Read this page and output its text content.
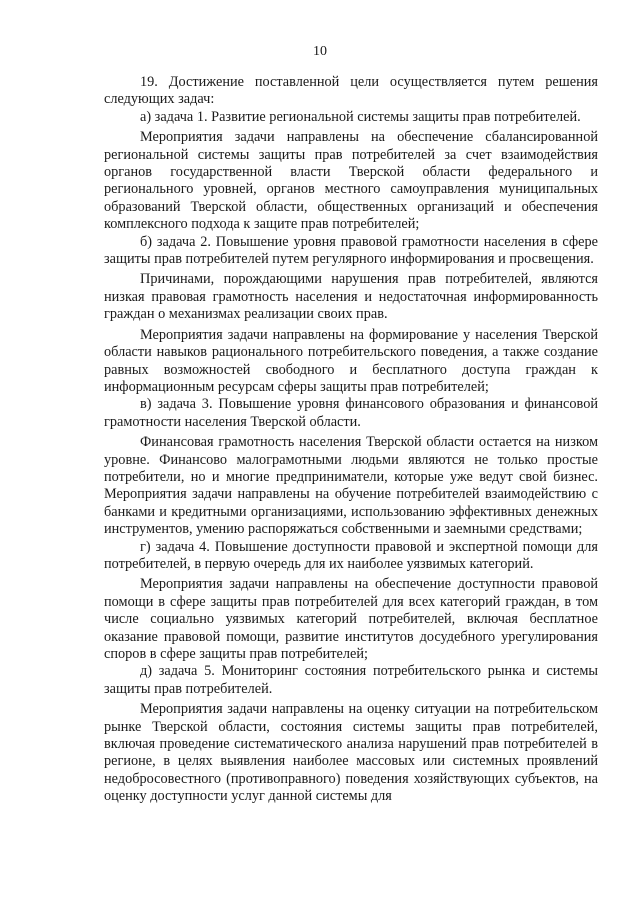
10

19. Достижение поставленной цели осуществляется путем решения следующих задач:

а) задача 1. Развитие региональной системы защиты прав потребителей.

Мероприятия задачи направлены на обеспечение сбалансированной региональной системы защиты прав потребителей за счет взаимодействия органов государственной власти Тверской области федерального и регионального уровней, органов местного самоуправления муниципальных образований Тверской области, общественных организаций и обеспечения комплексного подхода к защите прав потребителей;

б) задача 2. Повышение уровня правовой грамотности населения в сфере защиты прав потребителей путем регулярного информирования и просвещения.

Причинами, порождающими нарушения прав потребителей, являются низкая правовая грамотность населения и недостаточная информированность граждан о механизмах реализации своих прав.

Мероприятия задачи направлены на формирование у населения Тверской области навыков рационального потребительского поведения, а также создание равных возможностей свободного и бесплатного доступа граждан к информационным ресурсам сферы защиты прав потребителей;

в) задача 3. Повышение уровня финансового образования и финансовой грамотности населения Тверской области.

Финансовая грамотность населения Тверской области остается на низком уровне. Финансово малограмотными людьми являются не только простые потребители, но и многие предприниматели, которые уже ведут свой бизнес. Мероприятия задачи направлены на обучение потребителей взаимодействию с банками и кредитными организациями, использованию эффективных денежных инструментов, умению распоряжаться собственными и заемными средствами;

г) задача 4. Повышение доступности правовой и экспертной помощи для потребителей, в первую очередь для их наиболее уязвимых категорий.

Мероприятия задачи направлены на обеспечение доступности правовой помощи в сфере защиты прав потребителей для всех категорий граждан, в том числе социально уязвимых категорий потребителей, включая бесплатное оказание правовой помощи, развитие институтов досудебного урегулирования споров в сфере защиты прав потребителей;

д) задача 5. Мониторинг состояния потребительского рынка и системы защиты прав потребителей.

Мероприятия задачи направлены на оценку ситуации на потребительском рынке Тверской области, состояния системы защиты прав потребителей, включая проведение систематического анализа нарушений прав потребителей в регионе, в целях выявления наиболее массовых или системных проявлений недобросовестного (противоправного) поведения хозяйствующих субъектов, на оценку доступности услуг данной системы для
